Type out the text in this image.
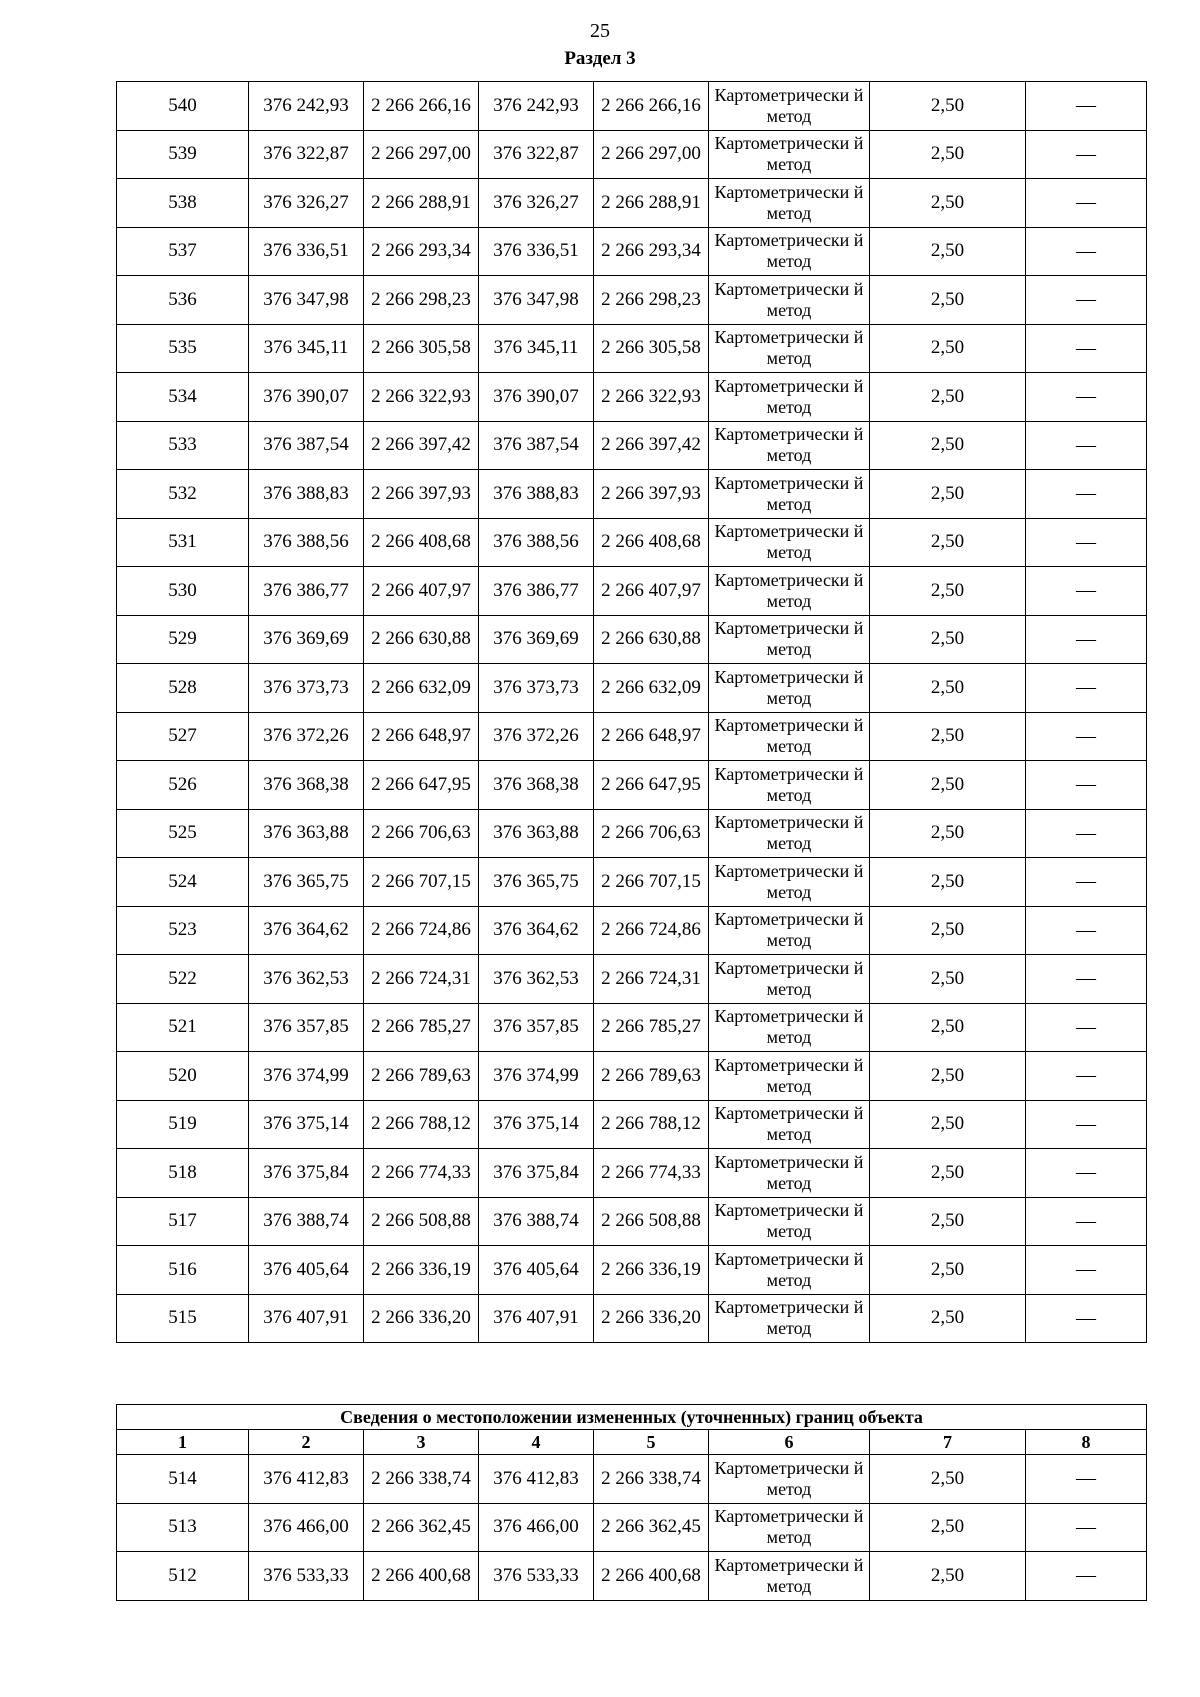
25
Раздел 3
540	376 242,93	2 266 266,16	376 242,93	2 266 266,16	Картометрически й метод	2,50	—
539	376 322,87	2 266 297,00	376 322,87	2 266 297,00	Картометрически й метод	2,50	—
538	376 326,27	2 266 288,91	376 326,27	2 266 288,91	Картометрически й метод	2,50	—
537	376 336,51	2 266 293,34	376 336,51	2 266 293,34	Картометрически й метод	2,50	—
536	376 347,98	2 266 298,23	376 347,98	2 266 298,23	Картометрически й метод	2,50	—
535	376 345,11	2 266 305,58	376 345,11	2 266 305,58	Картометрически й метод	2,50	—
534	376 390,07	2 266 322,93	376 390,07	2 266 322,93	Картометрически й метод	2,50	—
533	376 387,54	2 266 397,42	376 387,54	2 266 397,42	Картометрически й метод	2,50	—
532	376 388,83	2 266 397,93	376 388,83	2 266 397,93	Картометрически й метод	2,50	—
531	376 388,56	2 266 408,68	376 388,56	2 266 408,68	Картометрически й метод	2,50	—
530	376 386,77	2 266 407,97	376 386,77	2 266 407,97	Картометрически й метод	2,50	—
529	376 369,69	2 266 630,88	376 369,69	2 266 630,88	Картометрически й метод	2,50	—
528	376 373,73	2 266 632,09	376 373,73	2 266 632,09	Картометрически й метод	2,50	—
527	376 372,26	2 266 648,97	376 372,26	2 266 648,97	Картометрически й метод	2,50	—
526	376 368,38	2 266 647,95	376 368,38	2 266 647,95	Картометрически й метод	2,50	—
525	376 363,88	2 266 706,63	376 363,88	2 266 706,63	Картометрически й метод	2,50	—
524	376 365,75	2 266 707,15	376 365,75	2 266 707,15	Картометрически й метод	2,50	—
523	376 364,62	2 266 724,86	376 364,62	2 266 724,86	Картометрически й метод	2,50	—
522	376 362,53	2 266 724,31	376 362,53	2 266 724,31	Картометрически й метод	2,50	—
521	376 357,85	2 266 785,27	376 357,85	2 266 785,27	Картометрически й метод	2,50	—
520	376 374,99	2 266 789,63	376 374,99	2 266 789,63	Картометрически й метод	2,50	—
519	376 375,14	2 266 788,12	376 375,14	2 266 788,12	Картометрически й метод	2,50	—
518	376 375,84	2 266 774,33	376 375,84	2 266 774,33	Картометрически й метод	2,50	—
517	376 388,74	2 266 508,88	376 388,74	2 266 508,88	Картометрически й метод	2,50	—
516	376 405,64	2 266 336,19	376 405,64	2 266 336,19	Картометрически й метод	2,50	—
515	376 407,91	2 266 336,20	376 407,91	2 266 336,20	Картометрически й метод	2,50	—
Сведения о местоположении измененных (уточненных) границ объекта							
1	2	3	4	5	6	7	8
514	376 412,83	2 266 338,74	376 412,83	2 266 338,74	Картометрически й метод	2,50	—
513	376 466,00	2 266 362,45	376 466,00	2 266 362,45	Картометрически й метод	2,50	—
512	376 533,33	2 266 400,68	376 533,33	2 266 400,68	Картометрически й метод	2,50	—
